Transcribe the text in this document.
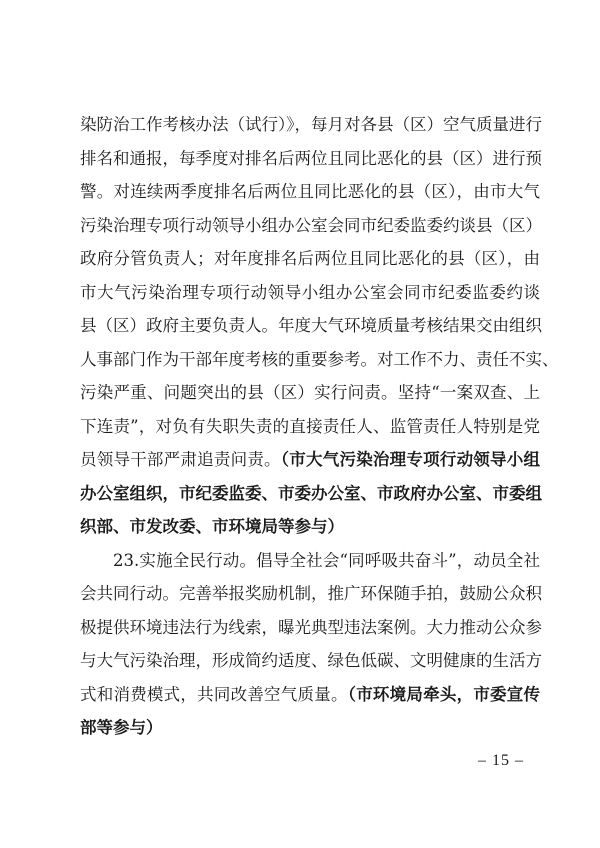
染防治工作考核办法（试行）》，每月对各县（区）空气质量进行
排名和通报，每季度对排名后两位且同比恶化的县（区）进行预
警。对连续两季度排名后两位且同比恶化的县（区），由市大气
污染治理专项行动领导小组办公室会同市纪委监委约谈县（区）
政府分管负责人；对年度排名后两位且同比恶化的县（区），由
市大气污染治理专项行动领导小组办公室会同市纪委监委约谈
县（区）政府主要负责人。年度大气环境质量考核结果交由组织
人事部门作为干部年度考核的重要参考。对工作不力、责任不实、
污染严重、问题突出的县（区）实行问责。坚持“一案双查、上
下连责”，对负有失职失责的直接责任人、监管责任人特别是党
员领导干部严肃追责问责。（市大气污染治理专项行动领导小组
办公室组织，市纪委监委、市委办公室、市政府办公室、市委组
织部、市发改委、市环境局等参与）
23.实施全民行动。倡导全社会“同呼吸共奋斗”，动员全社
会共同行动。完善举报奖励机制，推广环保随手拍，鼓励公众积
极提供环境违法行为线索，曝光典型违法案例。大力推动公众参
与大气污染治理，形成简约适度、绿色低碳、文明健康的生活方
式和消费模式，共同改善空气质量。（市环境局牵头，市委宣传
部等参与）
– 15 –
